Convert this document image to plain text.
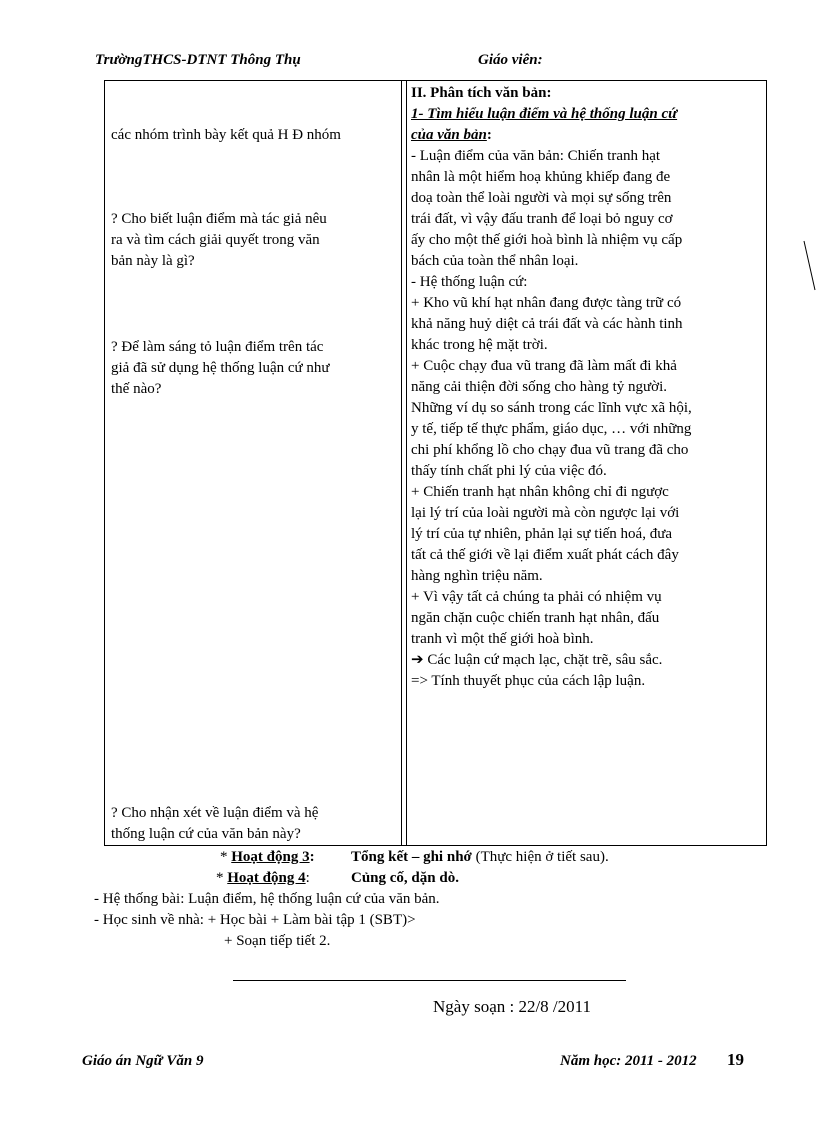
TrườngTHCS-DTNT Thông Thụ	Giáo viên:
các nhóm trình bày kết quả H Đ nhóm
? Cho biết luận điểm mà tác giả nêu
ra và tìm cách giải quyết trong văn
bản này là gì?
? Để làm sáng tỏ luận điểm trên tác
giả đã sử dụng hệ thống luận cứ như
thế nào?
? Cho nhận xét về luận điểm và hệ
thống luận cứ của văn bản này?
II. Phân tích văn bản:
1- Tìm hiểu luận điểm và hệ thống luận cứ
của văn bản:
- Luận điểm của văn bản: Chiến tranh hạt
nhân là một hiểm hoạ khủng khiếp đang đe
doạ toàn thể loài người và mọi sự sống trên
trái đất, vì vậy đấu tranh để loại bỏ nguy cơ
ấy cho một thế giới hoà bình là nhiệm vụ cấp
bách của toàn thể nhân loại.
- Hệ thống luận cứ:
+ Kho vũ khí hạt nhân đang được tàng trữ có
khả năng huỷ diệt cả trái đất và các hành tinh
khác trong hệ mặt trời.
+ Cuộc chạy đua vũ trang đã làm mất đi khả
năng cải thiện đời sống cho hàng tỷ người.
Những ví dụ so sánh trong các lĩnh vực xã hội,
y tế, tiếp tế thực phẩm, giáo dục, … với những
chi phí khổng lồ cho chạy đua vũ trang đã cho
thấy tính chất phi lý của việc đó.
+ Chiến tranh hạt nhân không chỉ đi ngược
lại lý trí của loài người mà còn ngược lại với
lý trí của tự nhiên, phản lại sự tiến hoá, đưa
tất cả thế giới về lại điểm xuất phát cách đây
hàng nghìn triệu năm.
+ Vì vậy tất cả chúng ta phải có nhiệm vụ
ngăn chặn cuộc chiến tranh hạt nhân, đấu
tranh vì một thế giới hoà bình.
➔ Các luận cứ mạch lạc, chặt trẽ, sâu sắc.
=> Tính thuyết phục của cách lập luận.
* Hoạt động 3: Tổng kết – ghi nhớ (Thực hiện ở tiết sau).
* Hoạt động 4:	Củng cố, dặn dò.
- Hệ thống bài: Luận điểm, hệ thống luận cứ của văn bản.
- Học sinh về nhà: + Học bài + Làm bài tập 1 (SBT)>
+ Soạn tiếp tiết 2.
Ngày soạn : 22/8 /2011
Giáo án Ngữ Văn 9	Năm học: 2011 - 2012 19
